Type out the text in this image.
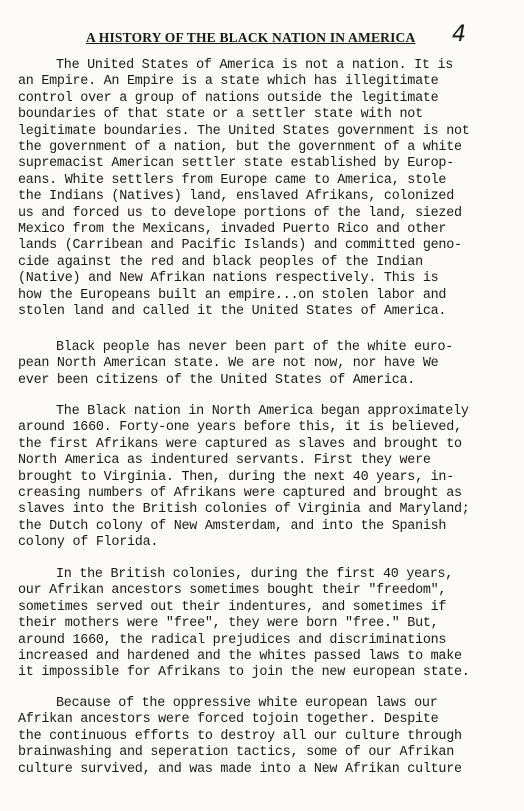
A HISTORY OF THE BLACK NATION IN AMERICA	4
The United States of America is not a nation. It is
an Empire. An Empire is a state which has illegitimate
control over a group of nations outside the legitimate
boundaries of that state or a settler state with not
legitimate boundaries. The United States government is not
the government of a nation, but the government of a white
supremacist American settler state established by Europ-
eans. White settlers from Europe came to America, stole
the Indians (Natives) land, enslaved Afrikans, colonized
us and forced us to develope portions of the land, siezed
Mexico from the Mexicans, invaded Puerto Rico and other
lands (Carribean and Pacific Islands) and committed geno-
cide against the red and black peoples of the Indian
(Native) and New Afrikan nations respectively. This is
how the Europeans built an empire...on stolen labor and
stolen land and called it the United States of America.
Black people has never been part of the white euro-
pean North American state. We are not now, nor have We
ever been citizens of the United States of America.
The Black nation in North America began approximately
around 1660. Forty-one years before this, it is believed,
the first Afrikans were captured as slaves and brought to
North America as indentured servants. First they were
brought to Virginia. Then, during the next 40 years, in-
creasing numbers of Afrikans were captured and brought as
slaves into the British colonies of Virginia and Maryland;
the Dutch colony of New Amsterdam, and into the Spanish
colony of Florida.
In the British colonies, during the first 40 years,
our Afrikan ancestors sometimes bought their "freedom",
sometimes served out their indentures, and sometimes if
their mothers were "free", they were born "free." But,
around 1660, the radical prejudices and discriminations
increased and hardened and the whites passed laws to make
it impossible for Afrikans to join the new european state.
Because of the oppressive white european laws our
Afrikan ancestors were forced tojoin together. Despite
the continuous efforts to destroy all our culture through
brainwashing and seperation tactics, some of our Afrikan
culture survived, and was made into a New Afrikan culture
